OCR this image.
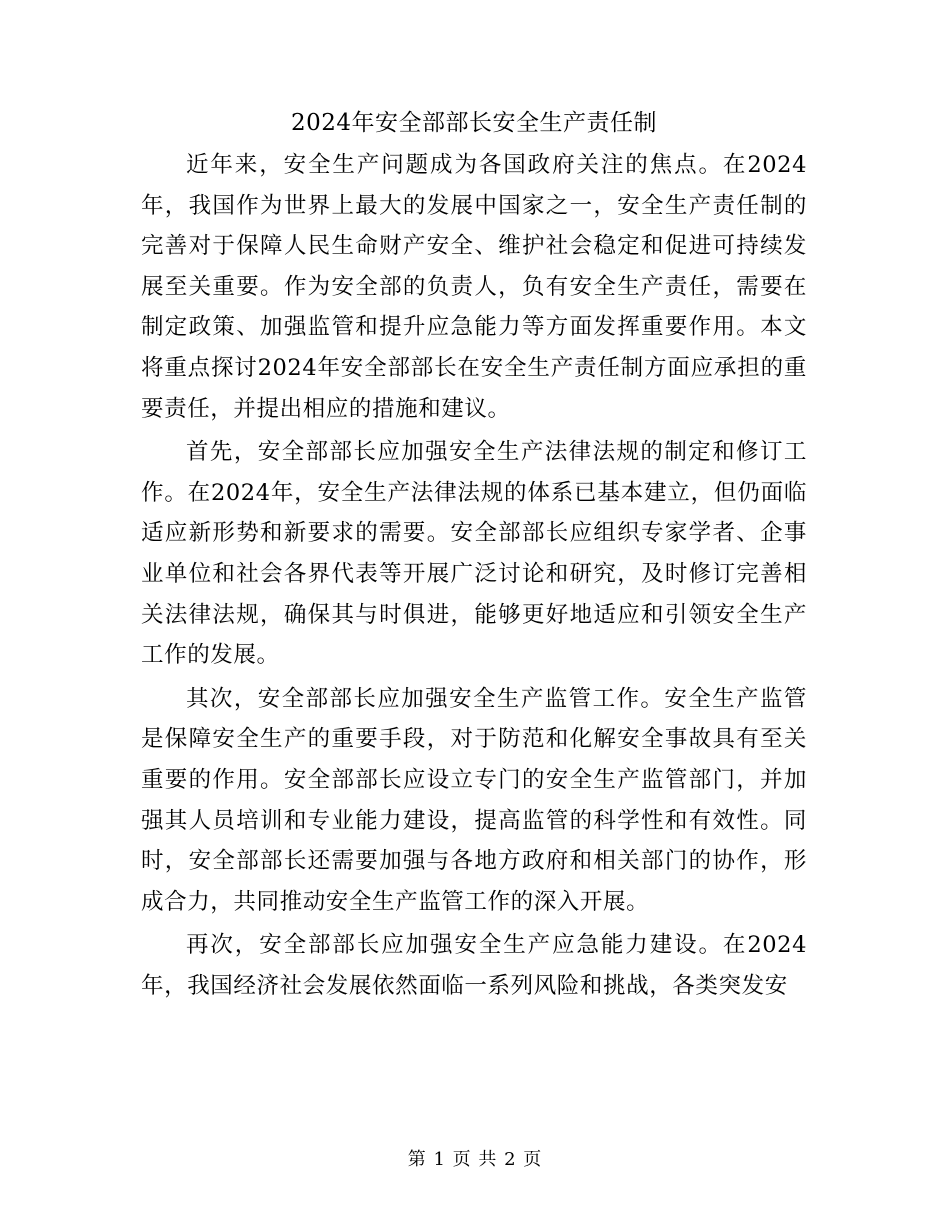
2024年安全部部长安全生产责任制

近年来，安全生产问题成为各国政府关注的焦点。在2024年，我国作为世界上最大的发展中国家之一，安全生产责任制的完善对于保障人民生命财产安全、维护社会稳定和促进可持续发展至关重要。作为安全部的负责人，负有安全生产责任，需要在制定政策、加强监管和提升应急能力等方面发挥重要作用。本文将重点探讨2024年安全部部长在安全生产责任制方面应承担的重要责任，并提出相应的措施和建议。

首先，安全部部长应加强安全生产法律法规的制定和修订工作。在2024年，安全生产法律法规的体系已基本建立，但仍面临适应新形势和新要求的需要。安全部部长应组织专家学者、企事业单位和社会各界代表等开展广泛讨论和研究，及时修订完善相关法律法规，确保其与时俱进，能够更好地适应和引领安全生产工作的发展。

其次，安全部部长应加强安全生产监管工作。安全生产监管是保障安全生产的重要手段，对于防范和化解安全事故具有至关重要的作用。安全部部长应设立专门的安全生产监管部门，并加强其人员培训和专业能力建设，提高监管的科学性和有效性。同时，安全部部长还需要加强与各地方政府和相关部门的协作，形成合力，共同推动安全生产监管工作的深入开展。

再次，安全部部长应加强安全生产应急能力建设。在2024年，我国经济社会发展依然面临一系列风险和挑战，各类突发安

第 1 页 共 2 页
